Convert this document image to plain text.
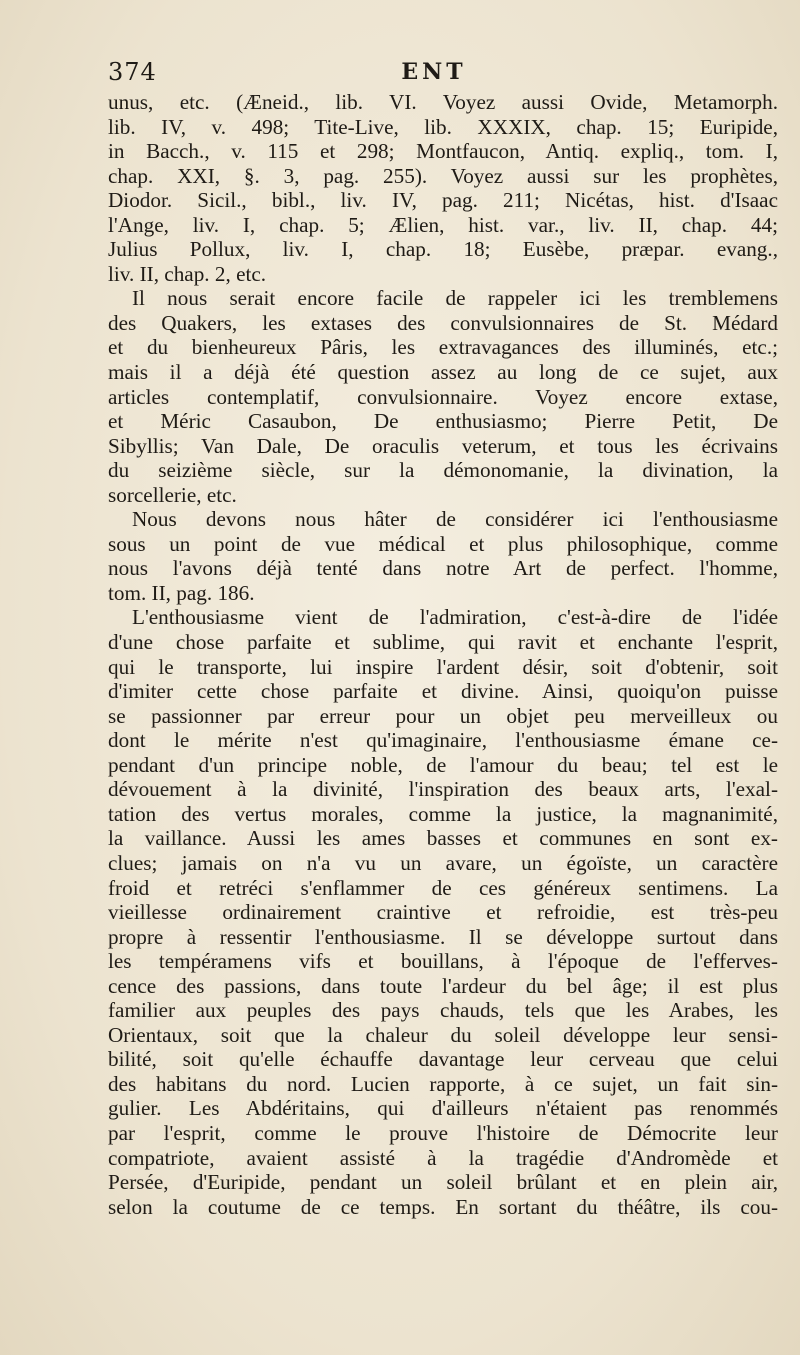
374	ENT
unus, etc. (Æneid., lib. VI. Voyez aussi Ovide, Metamorph.
lib. IV, v. 498; Tite-Live, lib. XXXIX, chap. 15; Euripide,
in Bacch., v. 115 et 298; Montfaucon, Antiq. expliq., tom. I,
chap. XXI, §. 3, pag. 255). Voyez aussi sur les prophètes,
Diodor. Sicil., bibl., liv. IV, pag. 211; Nicétas, hist. d'Isaac
l'Ange, liv. I, chap. 5; Ælien, hist. var., liv. II, chap. 44;
Julius Pollux, liv. I, chap. 18; Eusèbe, præpar. evang.,
liv. II, chap. 2, etc.
Il nous serait encore facile de rappeler ici les tremblemens
des Quakers, les extases des convulsionnaires de St. Médard
et du bienheureux Pâris, les extravagances des illuminés, etc.;
mais il a déjà été question assez au long de ce sujet, aux
articles contemplatif, convulsionnaire. Voyez encore extase,
et Méric Casaubon, De enthusiasmo; Pierre Petit, De
Sibyllis; Van Dale, De oraculis veterum, et tous les écrivains
du seizième siècle, sur la démonomanie, la divination, la
sorcellerie, etc.
Nous devons nous hâter de considérer ici l'enthousiasme
sous un point de vue médical et plus philosophique, comme
nous l'avons déjà tenté dans notre Art de perfect. l'homme,
tom. II, pag. 186.
L'enthousiasme vient de l'admiration, c'est-à-dire de l'idée
d'une chose parfaite et sublime, qui ravit et enchante l'esprit,
qui le transporte, lui inspire l'ardent désir, soit d'obtenir, soit
d'imiter cette chose parfaite et divine. Ainsi, quoiqu'on puisse
se passionner par erreur pour un objet peu merveilleux ou
dont le mérite n'est qu'imaginaire, l'enthousiasme émane ce-
pendant d'un principe noble, de l'amour du beau; tel est le
dévouement à la divinité, l'inspiration des beaux arts, l'exal-
tation des vertus morales, comme la justice, la magnanimité,
la vaillance. Aussi les ames basses et communes en sont ex-
clues; jamais on n'a vu un avare, un égoïste, un caractère
froid et retréci s'enflammer de ces généreux sentimens. La
vieillesse ordinairement craintive et refroidie, est très-peu
propre à ressentir l'enthousiasme. Il se développe surtout dans
les tempéramens vifs et bouillans, à l'époque de l'efferves-
cence des passions, dans toute l'ardeur du bel âge; il est plus
familier aux peuples des pays chauds, tels que les Arabes, les
Orientaux, soit que la chaleur du soleil développe leur sensi-
bilité, soit qu'elle échauffe davantage leur cerveau que celui
des habitans du nord. Lucien rapporte, à ce sujet, un fait sin-
gulier. Les Abdéritains, qui d'ailleurs n'étaient pas renommés
par l'esprit, comme le prouve l'histoire de Démocrite leur
compatriote, avaient assisté à la tragédie d'Andromède et
Persée, d'Euripide, pendant un soleil brûlant et en plein air,
selon la coutume de ce temps. En sortant du théâtre, ils cou-
